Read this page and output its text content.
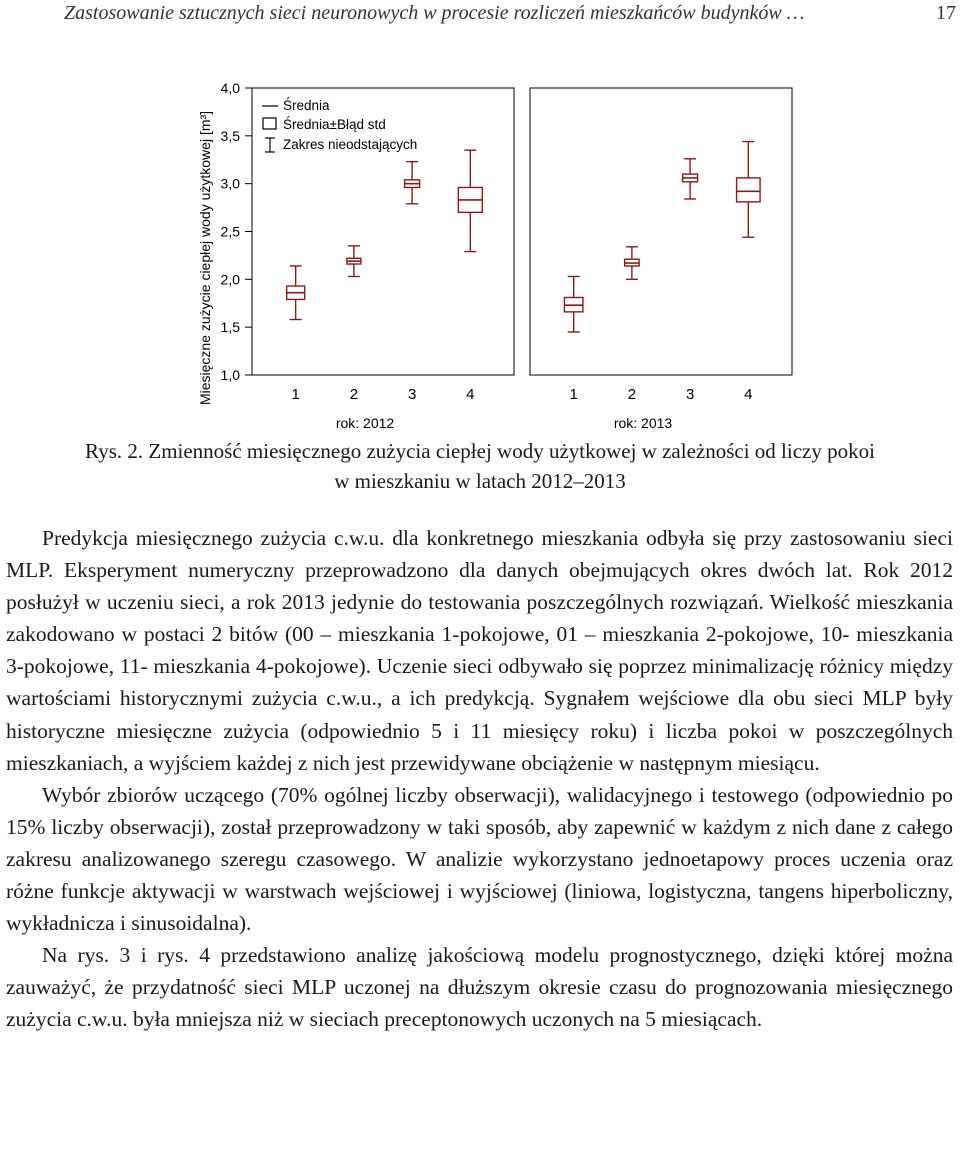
Zastosowanie sztucznych sieci neuronowych w procesie rozliczeń mieszkańców budynków …	17
4,0
3,5
3,0
2,5
2,0
1,5
1,0
1	2	3	4
rok: 2012
1	2	3	4
rok: 2013
Średnia
Średnia±Błąd std
Zakres nieodstających
Miesięczne zużycie ciepłej wody użytkowej [m³]
Rys. 2. Zmienność miesięcznego zużycia ciepłej wody użytkowej w zależności od liczy pokoi
w mieszkaniu w latach 2012–2013

Predykcja miesięcznego zużycia c.w.u. dla konkretnego mieszkania odbyła się przy zastosowaniu sieci MLP. Eksperyment numeryczny przeprowadzono dla danych obejmujących okres dwóch lat. Rok 2012 posłużył w uczeniu sieci, a rok 2013 jedynie do testowania poszczególnych rozwiązań. Wielkość mieszkania zakodowano w postaci 2 bitów (00 – mieszkania 1-pokojowe, 01 – mieszkania 2-pokojowe, 10- mieszkania 3-pokojowe, 11- mieszkania 4-pokojowe). Uczenie sieci odbywało się poprzez minimalizację różnicy między wartościami historycznymi zużycia c.w.u., a ich predykcją. Sygnałem wejściowe dla obu sieci MLP były historyczne miesięczne zużycia (odpowiednio 5 i 11 miesięcy roku) i liczba pokoi w poszczególnych mieszkaniach, a wyjściem każdej z nich jest przewidywane obciążenie w następnym miesiącu.

Wybór zbiorów uczącego (70% ogólnej liczby obserwacji), walidacyjnego i testowego (odpowiednio po 15% liczby obserwacji), został przeprowadzony w taki sposób, aby zapewnić w każdym z nich dane z całego zakresu analizowanego szeregu czasowego. W analizie wykorzystano jednoetapowy proces uczenia oraz różne funkcje aktywacji w warstwach wejściowej i wyjściowej (liniowa, logistyczna, tangens hiperboliczny, wykładnicza i sinusoidalna).

Na rys. 3 i rys. 4 przedstawiono analizę jakościową modelu prognostycznego, dzięki której można zauważyć, że przydatność sieci MLP uczonej na dłuższym okresie czasu do prognozowania miesięcznego zużycia c.w.u. była mniejsza niż w sieciach preceptonowych uczonych na 5 miesiącach.
